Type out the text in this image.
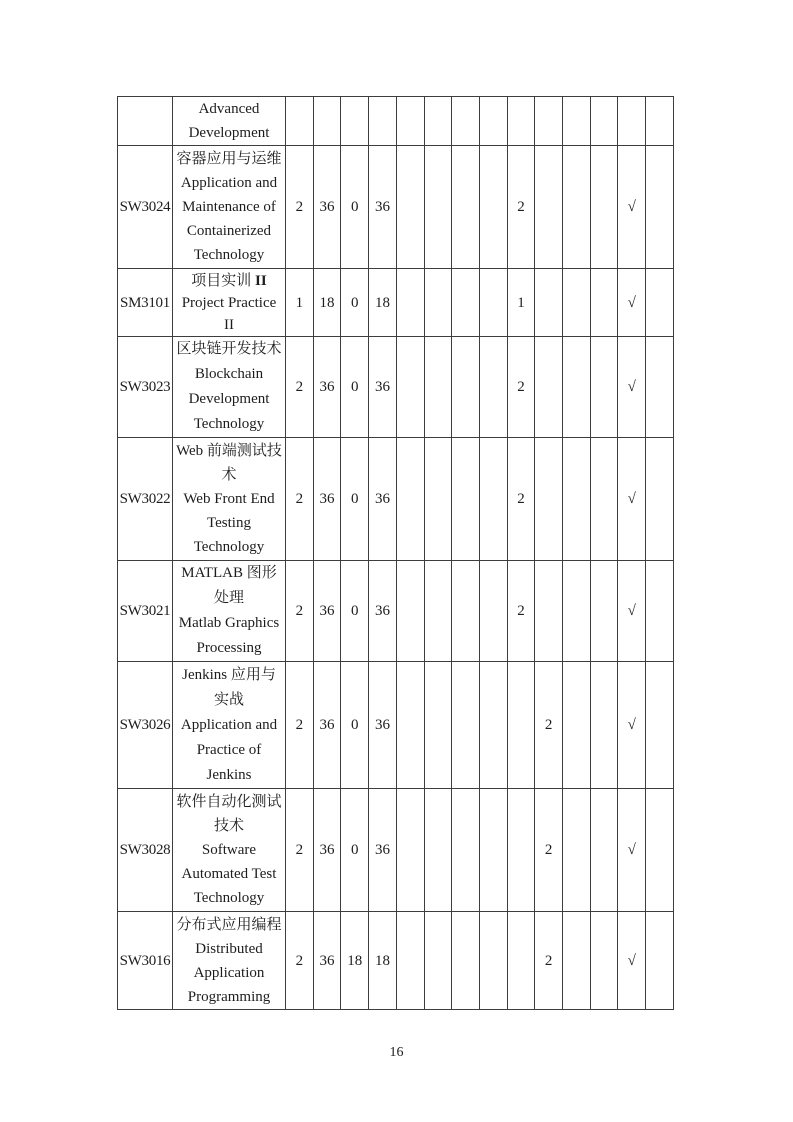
	Advanced
Development														

SW3024	容器应用与运维
Application and
Maintenance of
Containerized
Technology	2	36	0	36					2				√	
SM3101	项目实训 II
Project Practice
II	1	18	0	18					1				√	
SW3023	区块链开发技术
Blockchain
Development
Technology	2	36	0	36					2				√	
SW3022	Web 前端测试技
术
Web Front End
Testing
Technology	2	36	0	36					2				√	
SW3021	MATLAB 图形
处理
Matlab Graphics
Processing	2	36	0	36					2				√	
SW3026	Jenkins 应用与
实战
Application and
Practice of
Jenkins	2	36	0	36						2			√	
SW3028	软件自动化测试
技术
Software
Automated Test
Technology	2	36	0	36						2			√	
SW3016	分布式应用编程
Distributed
Application
Programming	2	36	18	18						2			√	
16
